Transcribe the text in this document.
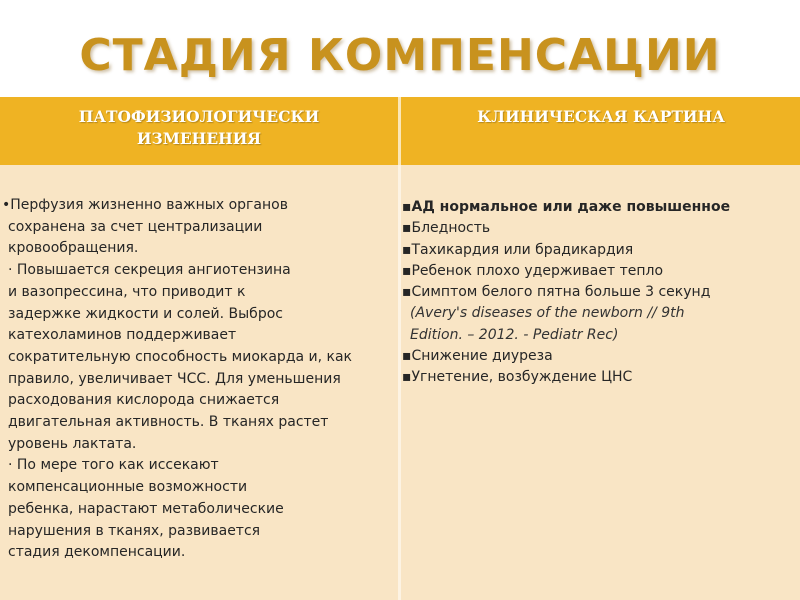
СТАДИЯ КОМПЕНСАЦИИ
ПАТОФИЗИОЛОГИЧЕСКИ
ИЗМЕНЕНИЯ
КЛИНИЧЕСКАЯ КАРТИНА

•Перфузия жизненно важных органов

сохранена за счет централизации

кровообращения.

· Повышается секреция ангиотензина

и вазопрессина, что приводит к

задержке жидкости и солей. Выброс

катехоламинов поддерживает

сократительную способность миокарда и, как

правило, увеличивает ЧСС. Для уменьшения

расходования кислорода снижается

двигательная активность. В тканях растет

уровень лактата.

· По мере того как иссекают

компенсационные возможности

ребенка, нарастают метаболические

нарушения в тканях, развивается

стадия декомпенсации.

▪АД нормальное или даже повышенное
▪Бледность
▪Тахикардия или брадикардия
▪Ребенок плохо удерживает тепло
▪Симптом белого пятна больше 3 секунд
(Avery's diseases of the newborn // 9th
Edition. – 2012. - Pediatr Rec)
▪Снижение диуреза
▪Угнетение, возбуждение ЦНС
